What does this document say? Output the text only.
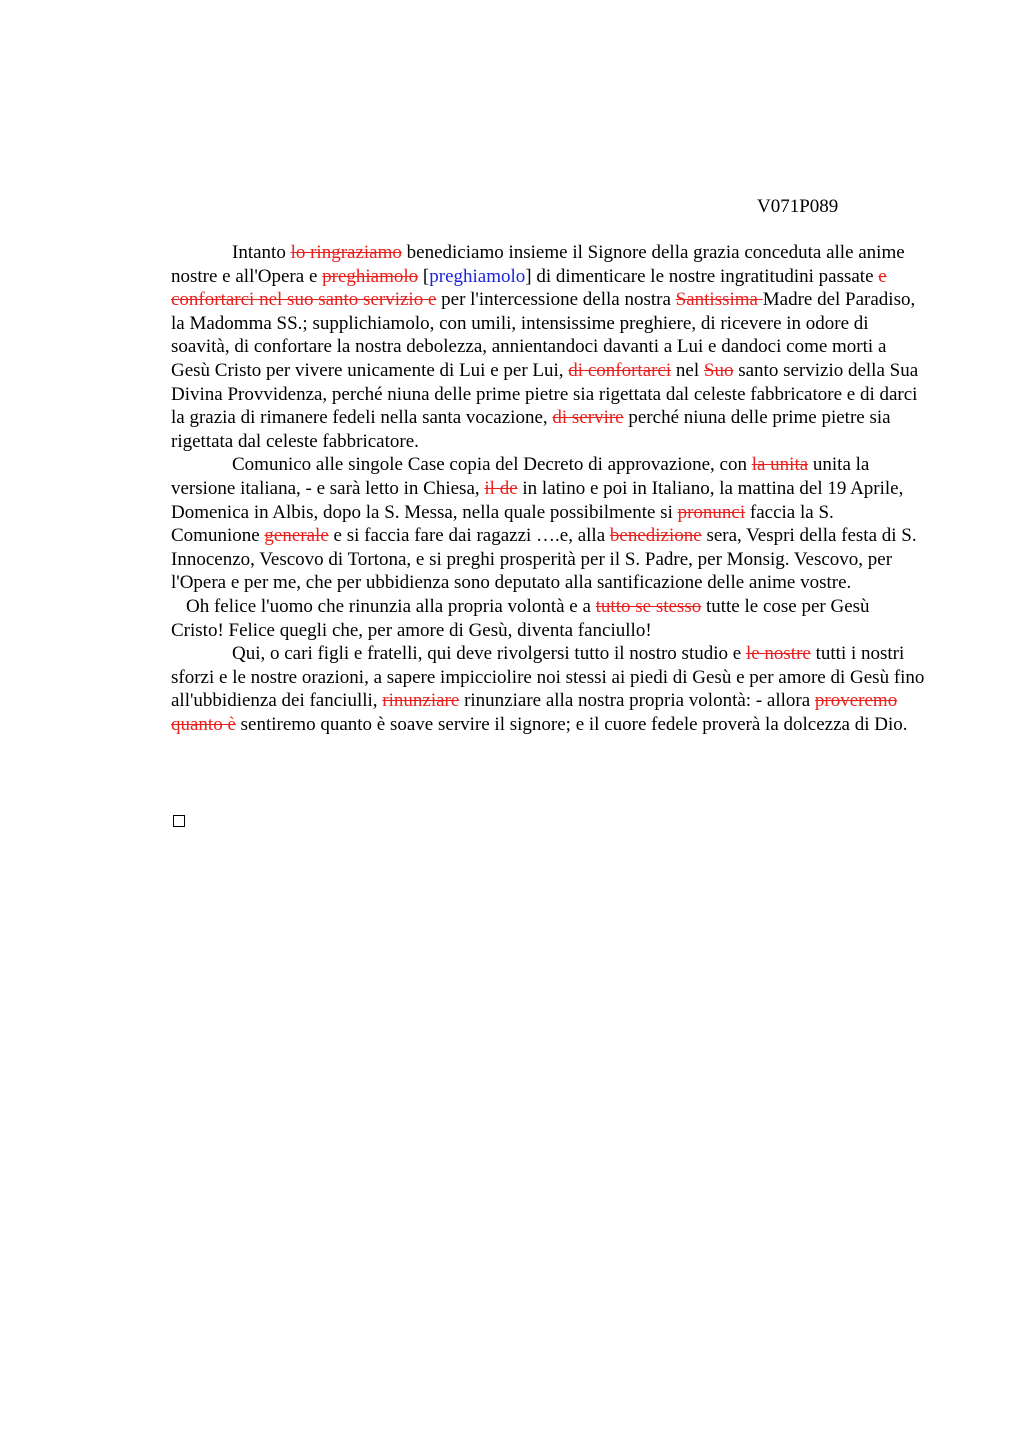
V071P089

Intanto lo ringraziamo benediciamo insieme il Signore della grazia conceduta alle anime nostre e all'Opera e preghiamolo [preghiamolo] di dimenticare le nostre ingratitudini passate e confortarci nel suo santo servizio e per l'intercessione della nostra Santissima Madre del Paradiso, la Madomma SS.; supplichiamolo, con umili, intensissime preghiere, di ricevere in odore di soavità, di confortare la nostra debolezza, annientandoci davanti a Lui e dandoci come morti a Gesù Cristo per vivere unicamente di Lui e per Lui, di confortarci nel Suo santo servizio della Sua Divina Provvidenza, perché niuna delle prime pietre sia rigettata dal celeste fabbricatore e di darci la grazia di rimanere fedeli nella santa vocazione, di servire perché niuna delle prime pietre sia rigettata dal celeste fabbricatore.

Comunico alle singole Case copia del Decreto di approvazione, con la unita unita la versione italiana, - e sarà letto in Chiesa, il de in latino e poi in Italiano, la mattina del 19 Aprile, Domenica in Albis, dopo la S. Messa, nella quale possibilmente si pronunci faccia la S. Comunione generale e si faccia fare dai ragazzi ….e, alla benedizione sera, Vespri della festa di S. Innocenzo, Vescovo di Tortona, e si preghi prosperità per il S. Padre, per Monsig. Vescovo, per l'Opera e per me, che per ubbidienza sono deputato alla santificazione delle anime vostre.

Oh felice l'uomo che rinunzia alla propria volontà e a tutto se stesso tutte le cose per Gesù Cristo! Felice quegli che, per amore di Gesù, diventa fanciullo!

Qui, o cari figli e fratelli, qui deve rivolgersi tutto il nostro studio e le nostre tutti i nostri sforzi e le nostre orazioni, a sapere impicciolire noi stessi ai piedi di Gesù e per amore di Gesù fino all'ubbidienza dei fanciulli, rinunziare rinunziare alla nostra propria volontà: - allora proveremo quanto è sentiremo quanto è soave servire il signore; e il cuore fedele proverà la dolcezza di Dio.
